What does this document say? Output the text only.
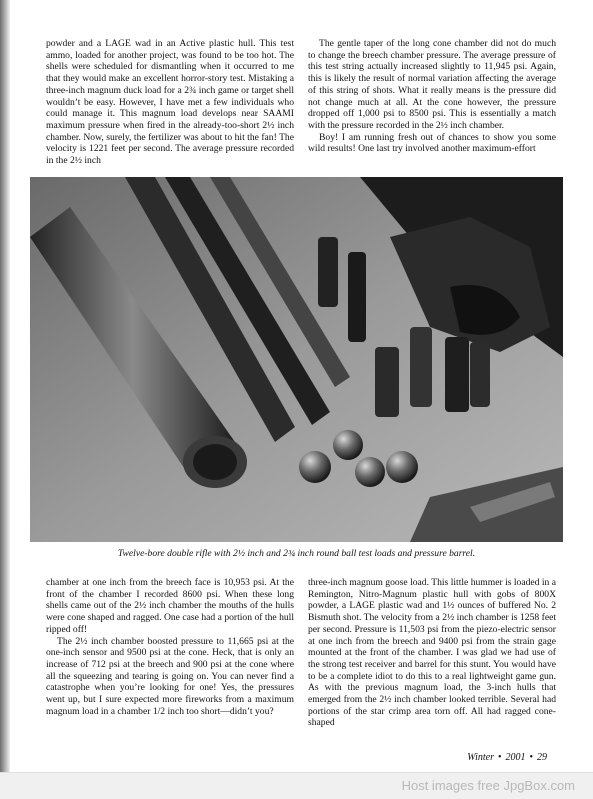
powder and a LAGE wad in an Active plastic hull. This test ammo, loaded for another project, was found to be too hot. The shells were scheduled for dismantling when it occurred to me that they would make an excellent horror-story test. Mistaking a three-inch magnum duck load for a 2¾ inch game or target shell wouldn’t be easy. However, I have met a few individuals who could manage it. This magnum load develops near SAAMI maximum pressure when fired in the already-too-short 2½ inch chamber. Now, surely, the fertilizer was about to hit the fan! The velocity is 1221 feet per second. The average pressure recorded in the 2½ inch

The gentle taper of the long cone chamber did not do much to change the breech chamber pressure. The average pressure of this test string actually increased slightly to 11,945 psi. Again, this is likely the result of normal variation affecting the average of this string of shots. What it really means is the pressure did not change much at all. At the cone however, the pressure dropped off 1,000 psi to 8500 psi. This is essentially a match with the pressure recorded in the 2½ inch chamber.

Boy! I am running fresh out of chances to show you some wild results! One last try involved another maximum-effort

Twelve-bore double rifle with 2½ inch and 2¾ inch round ball test loads and pressure barrel.

chamber at one inch from the breech face is 10,953 psi. At the front of the chamber I recorded 8600 psi. When these long shells came out of the 2½ inch chamber the mouths of the hulls were cone shaped and ragged. One case had a portion of the hull ripped off!

The 2½ inch chamber boosted pressure to 11,665 psi at the one-inch sensor and 9500 psi at the cone. Heck, that is only an increase of 712 psi at the breech and 900 psi at the cone where all the squeezing and tearing is going on. You can never find a catastrophe when you’re looking for one! Yes, the pressures went up, but I sure expected more fireworks from a maximum magnum load in a chamber 1/2 inch too short—didn’t you?

three-inch magnum goose load. This little hummer is loaded in a Remington, Nitro-Magnum plastic hull with gobs of 800X powder, a LAGE plastic wad and 1½ ounces of buffered No. 2 Bismuth shot. The velocity from a 2½ inch chamber is 1258 feet per second. Pressure is 11,503 psi from the piezo-electric sensor at one inch from the breech and 9400 psi from the strain gage mounted at the front of the chamber. I was glad we had use of the strong test receiver and barrel for this stunt. You would have to be a complete idiot to do this to a real lightweight game gun. As with the previous magnum load, the 3-inch hulls that emerged from the 2½ inch chamber looked terrible. Several had portions of the star crimp area torn off. All had ragged cone-shaped

Winter • 2001 • 29
Host images free JpgBox.com
